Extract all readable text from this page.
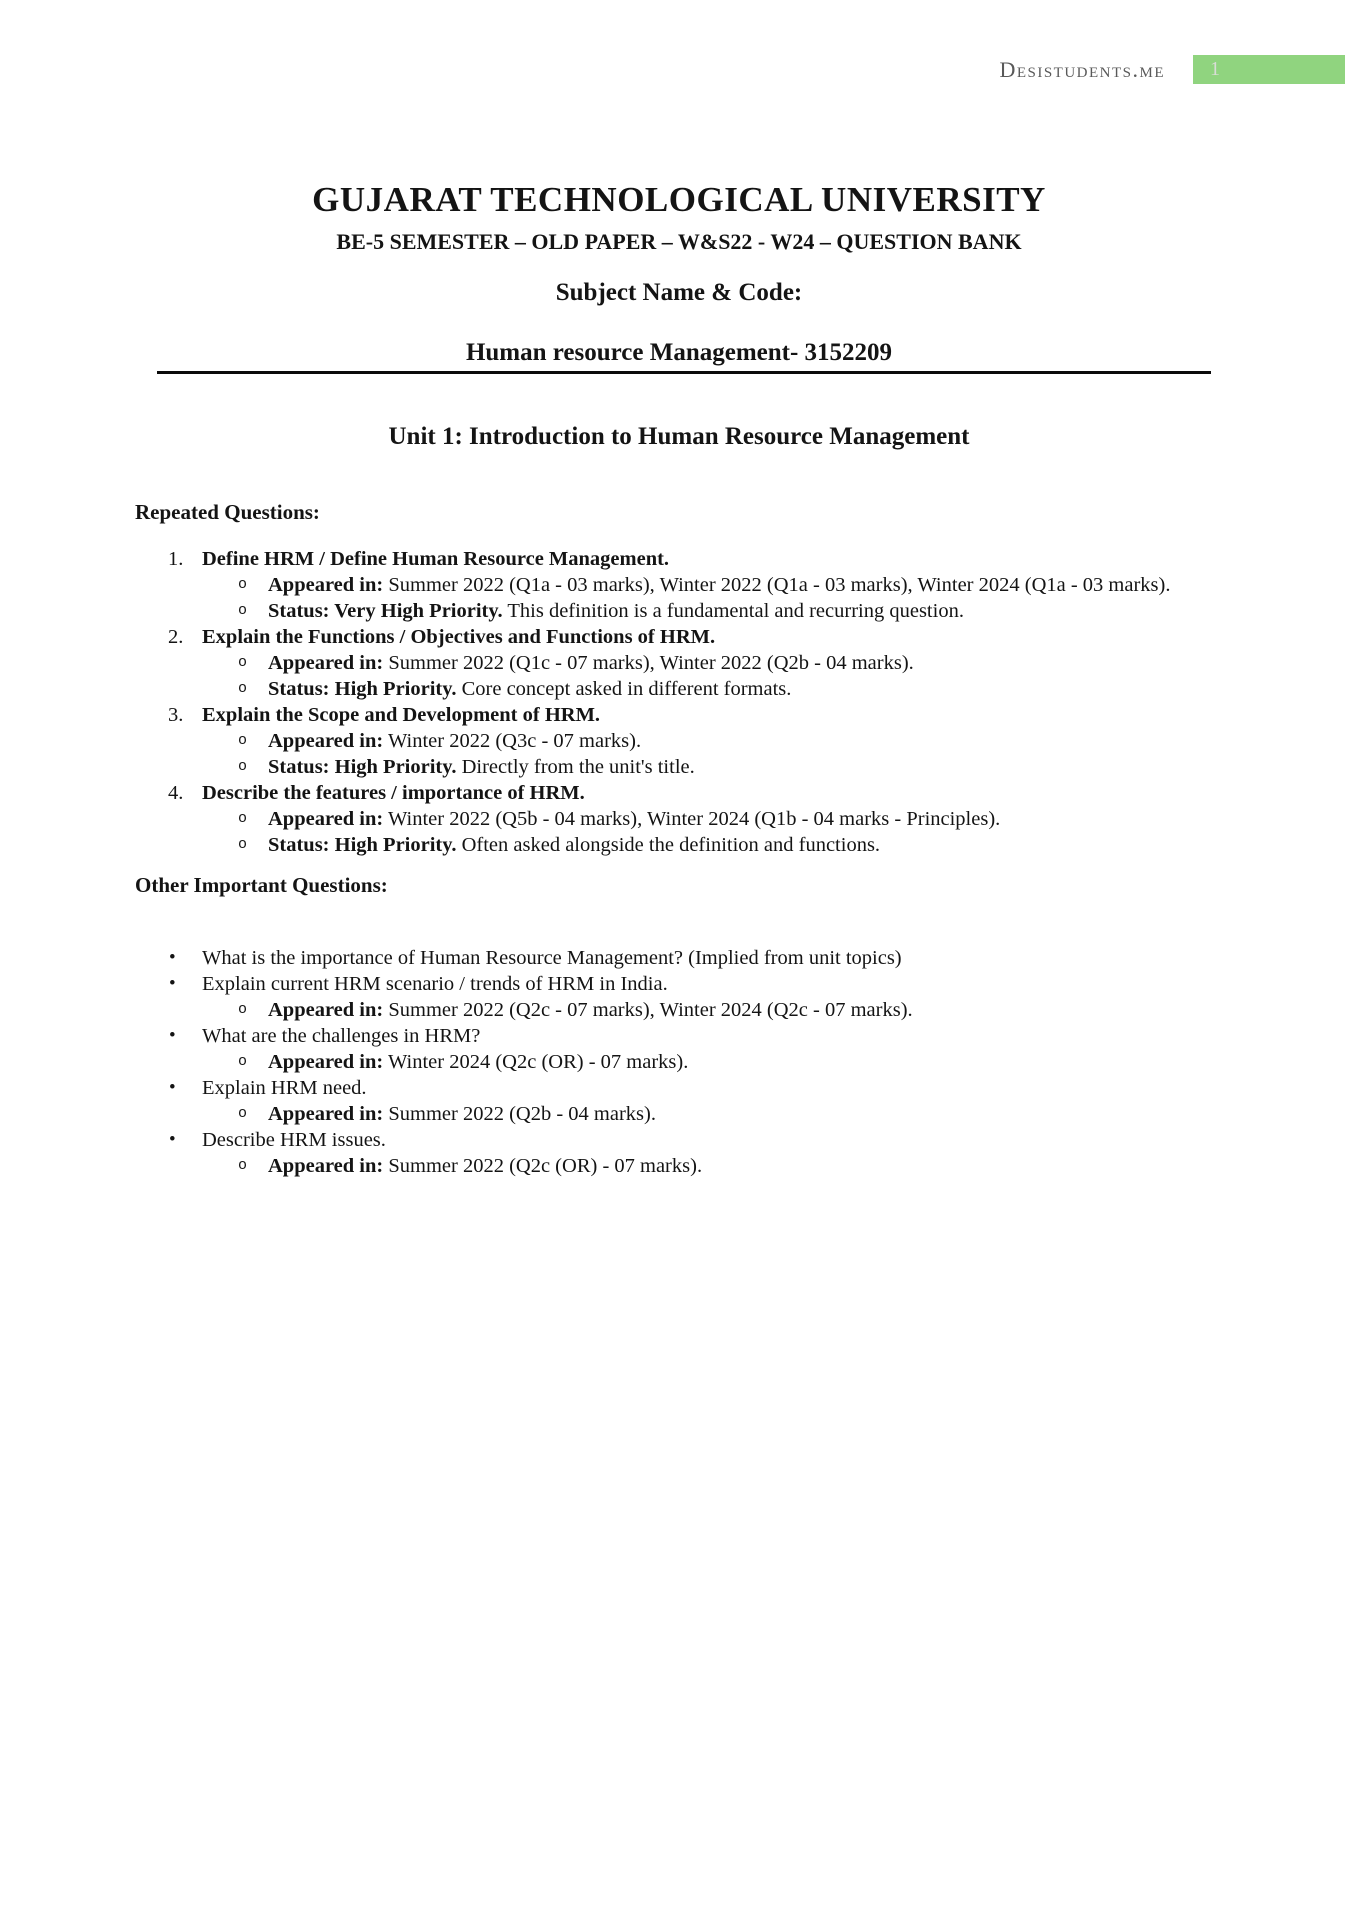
Desistudents.me	1
GUJARAT TECHNOLOGICAL UNIVERSITY
BE-5 SEMESTER – OLD PAPER – W&S22 - W24 – QUESTION BANK
Subject Name & Code:
Human resource Management- 3152209
Unit 1: Introduction to Human Resource Management
Repeated Questions:
1. Define HRM / Define Human Resource Management.
o Appeared in: Summer 2022 (Q1a - 03 marks), Winter 2022 (Q1a - 03 marks), Winter 2024 (Q1a - 03 marks).
o Status: Very High Priority. This definition is a fundamental and recurring question.
2. Explain the Functions / Objectives and Functions of HRM.
o Appeared in: Summer 2022 (Q1c - 07 marks), Winter 2022 (Q2b - 04 marks).
o Status: High Priority. Core concept asked in different formats.
3. Explain the Scope and Development of HRM.
o Appeared in: Winter 2022 (Q3c - 07 marks).
o Status: High Priority. Directly from the unit's title.
4. Describe the features / importance of HRM.
o Appeared in: Winter 2022 (Q5b - 04 marks), Winter 2024 (Q1b - 04 marks - Principles).
o Status: High Priority. Often asked alongside the definition and functions.
Other Important Questions:
• What is the importance of Human Resource Management? (Implied from unit topics)
• Explain current HRM scenario / trends of HRM in India.
o Appeared in: Summer 2022 (Q2c - 07 marks), Winter 2024 (Q2c - 07 marks).
• What are the challenges in HRM?
o Appeared in: Winter 2024 (Q2c (OR) - 07 marks).
• Explain HRM need.
o Appeared in: Summer 2022 (Q2b - 04 marks).
• Describe HRM issues.
o Appeared in: Summer 2022 (Q2c (OR) - 07 marks).
